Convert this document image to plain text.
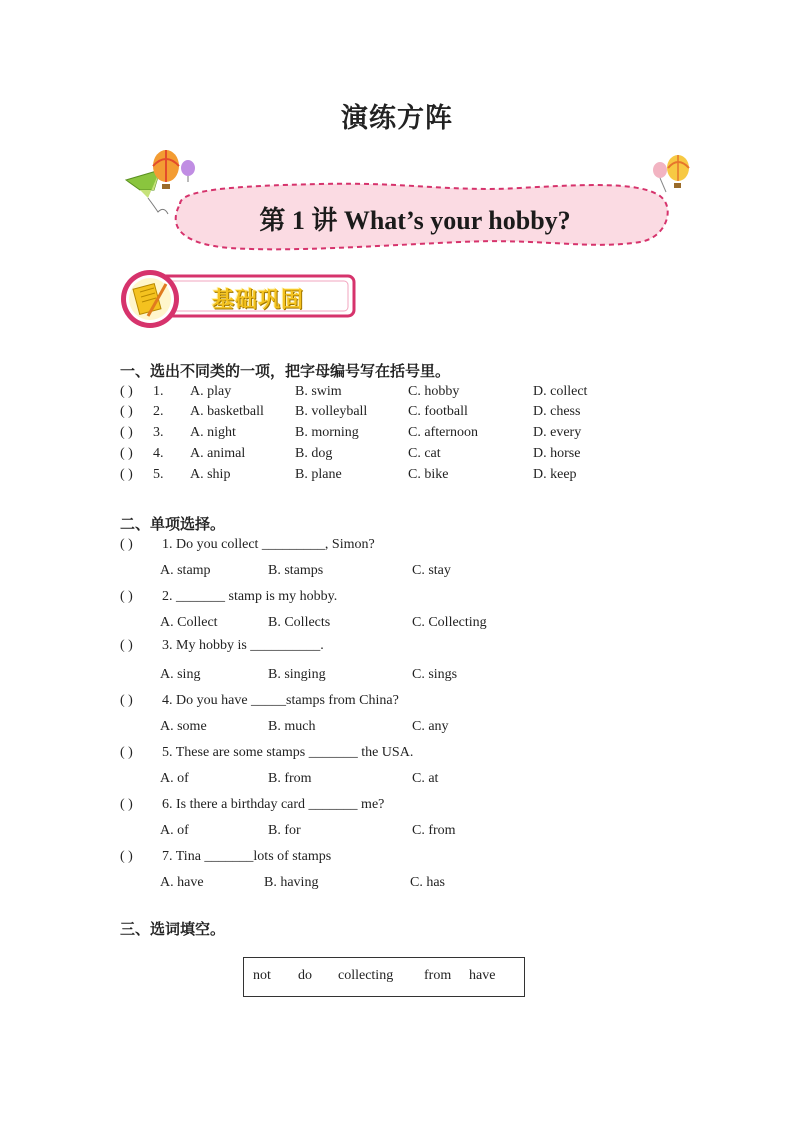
演练方阵
第 1 讲 What’s your hobby?
基础巩固
一、选出不同类的一项，把字母编号写在括号里。
( ) 1. A. play	B. swim	C. hobby	D. collect
( ) 2. A. basketball B. volleyball	C. football	D. chess
( ) 3. A. night	B. morning	C. afternoon	D. every
( ) 4. A. animal	B. dog	C. cat	D. horse
( ) 5. A. ship	B. plane	C. bike	D. keep
二、单项选择。
( ) 1. Do you collect _________, Simon?
A. stamp	B. stamps	C. stay
( ) 2. _______ stamp is my hobby.
A. Collect	B. Collects	C. Collecting
( ) 3. My hobby is __________.
A. sing	B. singing	C. sings
( ) 4. Do you have _____stamps from China?
A. some	B. much	C. any
( ) 5. These are some stamps _______ the USA.
A. of	B. from	C. at
( ) 6. Is there a birthday card _______ me?
A. of	B. for	C. from
( ) 7. Tina _______lots of stamps
A. have	B. having	C. has
三、选词填空。
not do collecting from have
